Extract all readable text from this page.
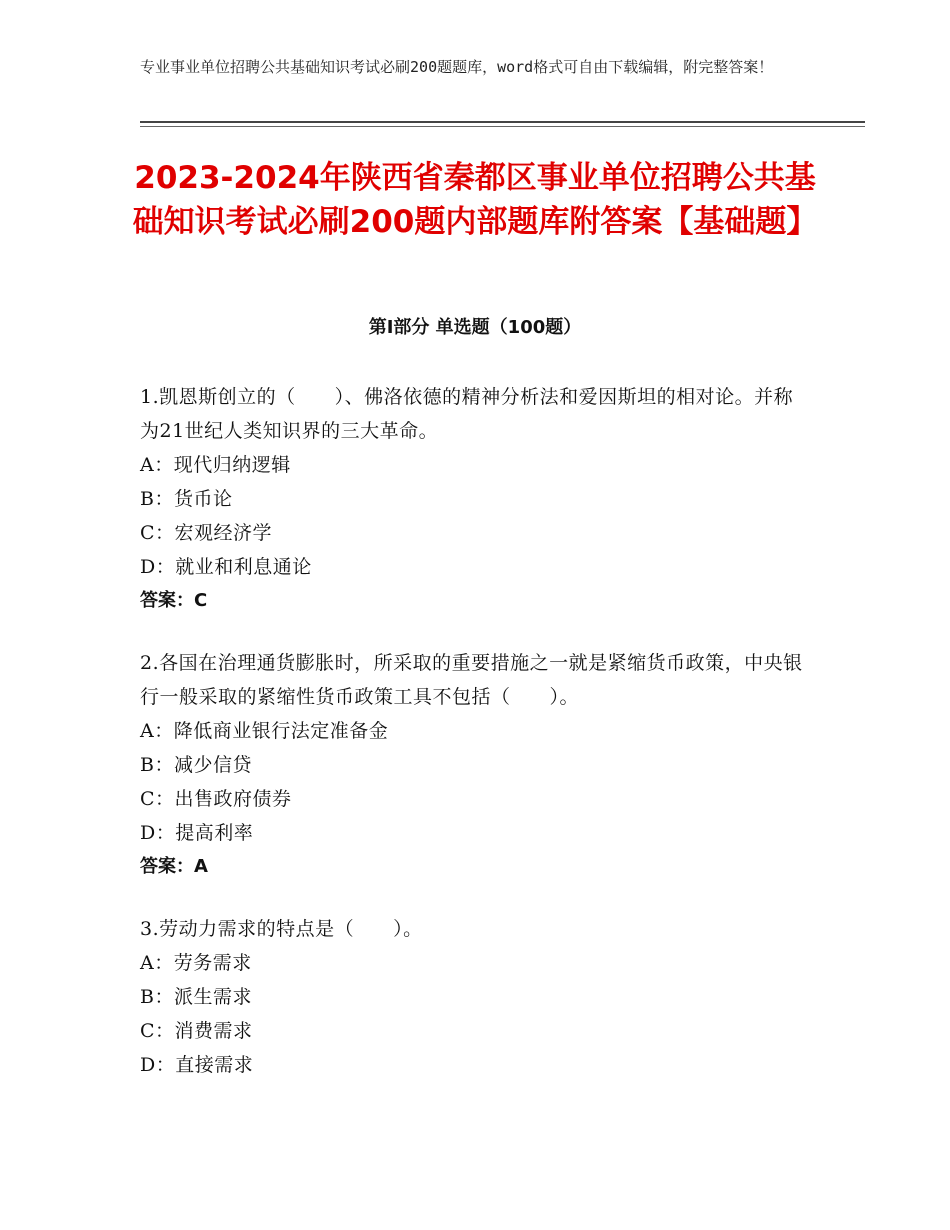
专业事业单位招聘公共基础知识考试必刷200题题库，word格式可自由下载编辑，附完整答案！
2023-2024年陕西省秦都区事业单位招聘公共基础知识考试必刷200题内部题库附答案【基础题】
第Ⅰ部分 单选题（100题）
1.凯恩斯创立的（　　）、佛洛依德的精神分析法和爱因斯坦的相对论。并称为21世纪人类知识界的三大革命。
A：现代归纳逻辑
B：货币论
C：宏观经济学
D：就业和利息通论
答案：C
2.各国在治理通货膨胀时，所采取的重要措施之一就是紧缩货币政策，中央银行一般采取的紧缩性货币政策工具不包括（　　）。
A：降低商业银行法定准备金
B：减少信贷
C：出售政府债券
D：提高利率
答案：A
3.劳动力需求的特点是（　　）。
A：劳务需求
B：派生需求
C：消费需求
D：直接需求
